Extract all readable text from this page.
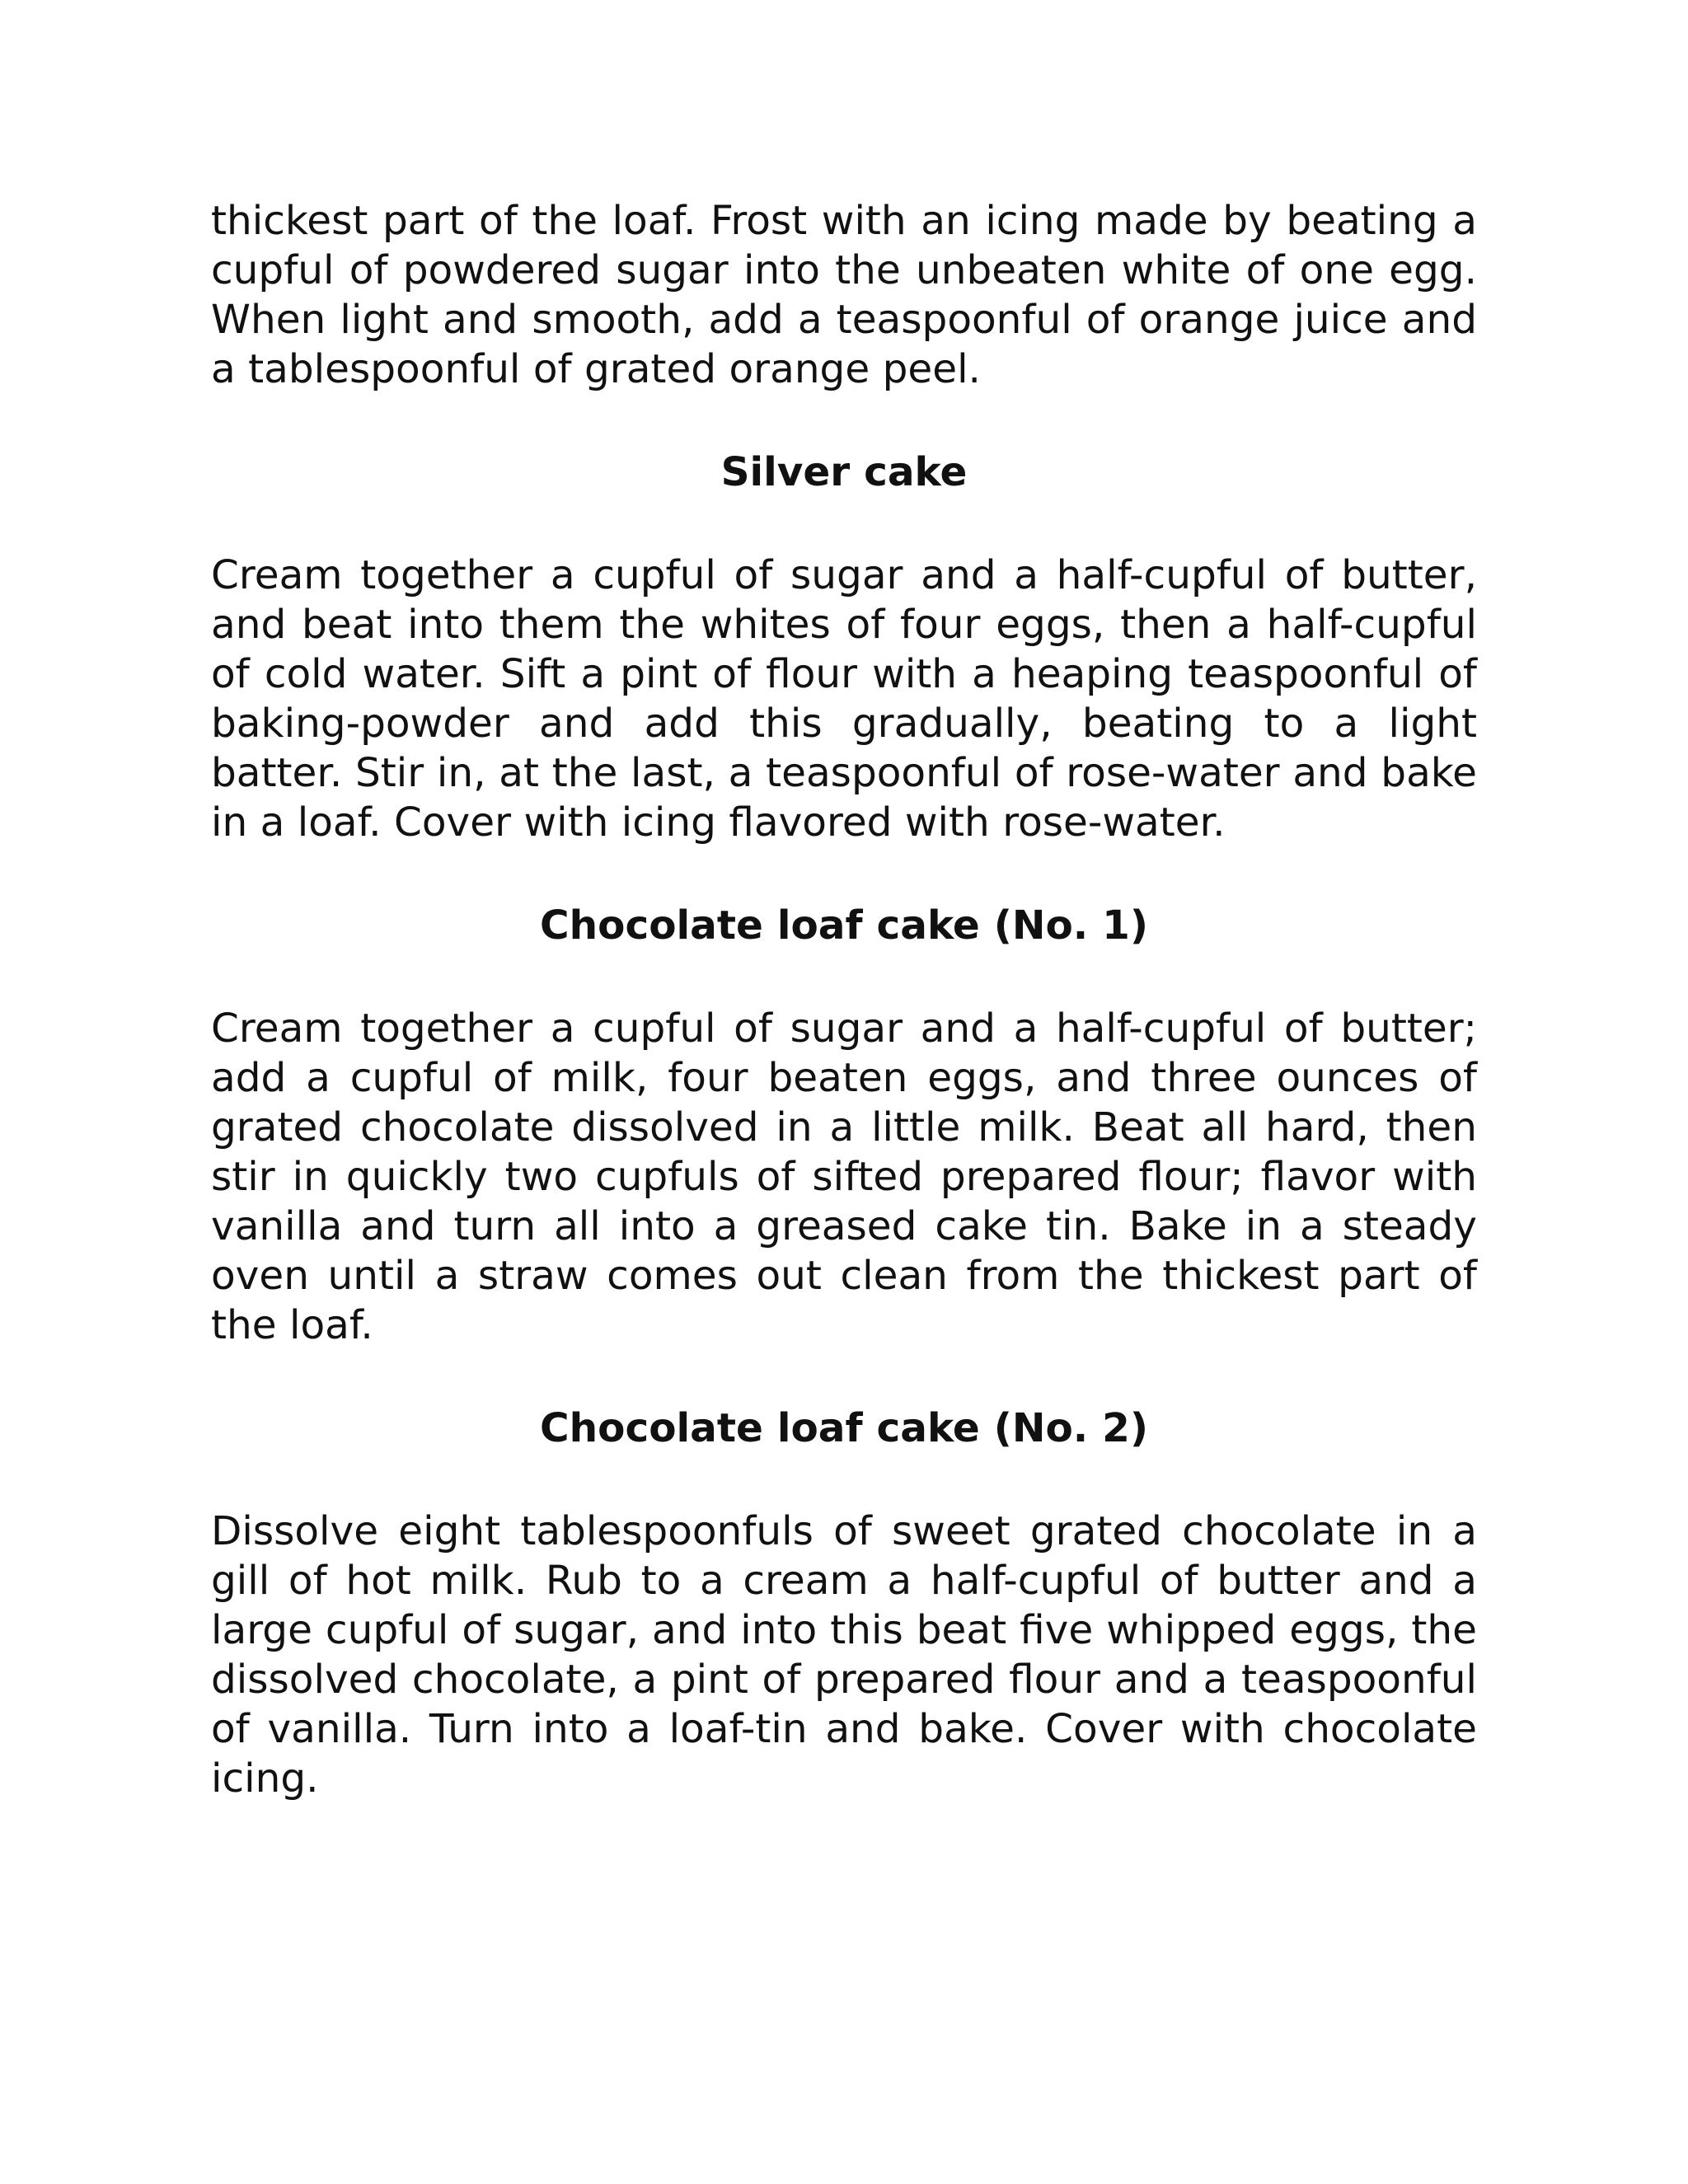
thickest part of the loaf. Frost with an icing made by beating a cupful of powdered sugar into the unbeaten white of one egg. When light and smooth, add a teaspoonful of orange juice and a tablespoonful of grated orange peel.

Silver cake

Cream together a cupful of sugar and a half-cupful of butter, and beat into them the whites of four eggs, then a half-cupful of cold water. Sift a pint of flour with a heaping teaspoonful of baking-powder and add this gradually, beating to a light batter. Stir in, at the last, a teaspoonful of rose-water and bake in a loaf. Cover with icing flavored with rose-water.

Chocolate loaf cake (No. 1)

Cream together a cupful of sugar and a half-cupful of butter; add a cupful of milk, four beaten eggs, and three ounces of grated chocolate dissolved in a little milk. Beat all hard, then stir in quickly two cupfuls of sifted prepared flour; flavor with vanilla and turn all into a greased cake tin. Bake in a steady oven until a straw comes out clean from the thickest part of the loaf.

Chocolate loaf cake (No. 2)

Dissolve eight tablespoonfuls of sweet grated chocolate in a gill of hot milk. Rub to a cream a half-cupful of butter and a large cupful of sugar, and into this beat five whipped eggs, the dissolved chocolate, a pint of prepared flour and a teaspoonful of vanilla. Turn into a loaf-tin and bake. Cover with chocolate icing.
